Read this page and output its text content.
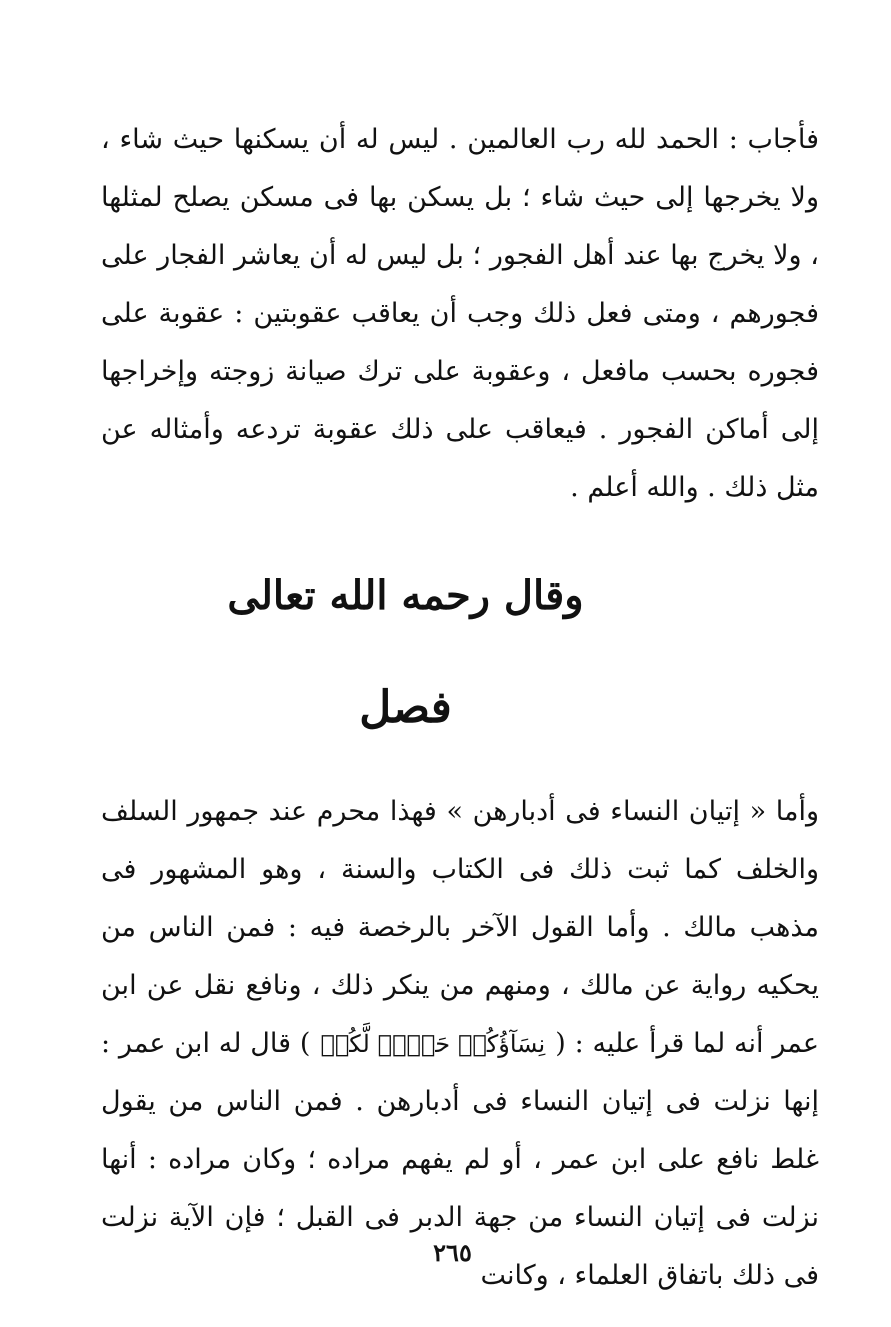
فأجاب : الحمد لله رب العالمين . ليس له أن يسكنها حيث شاء ، ولا يخرجها إلى حيث شاء ؛ بل يسكن بها فى مسكن يصلح لمثلها ، ولا يخرج بها عند أهل الفجور ؛ بل ليس له أن يعاشر الفجار على فجورهم ، ومتى فعل ذلك وجب أن يعاقب عقوبتين : عقوبة على فجوره بحسب مافعل ، وعقوبة على ترك صيانة زوجته وإخراجها إلى أماكن الفجور . فيعاقب على ذلك عقوبة تردعه وأمثاله عن مثل ذلك . والله أعلم .

وقال رحمه الله تعالى
فصل

وأما « إتيان النساء فى أدبارهن » فهذا محرم عند جمهور السلف والخلف كما ثبت ذلك فى الكتاب والسنة ، وهو المشهور فى مذهب مالك . وأما القول الآخر بالرخصة فيه : فمن الناس من يحكيه رواية عن مالك ، ومنهم من ينكر ذلك ، ونافع نقل عن ابن عمر أنه لما قرأ عليه : (نِسَآؤُكُمۡ حَرۡثٞ لَّكُمۡ) قال له ابن عمر : إنها نزلت فى إتيان النساء فى أدبارهن . فمن الناس من يقول غلط نافع على ابن عمر ، أو لم يفهم مراده ؛ وكان مراده : أنها نزلت فى إتيان النساء من جهة الدبر فى القبل ؛ فإن الآية نزلت فى ذلك باتفاق العلماء ، وكانت

٢٦٥
